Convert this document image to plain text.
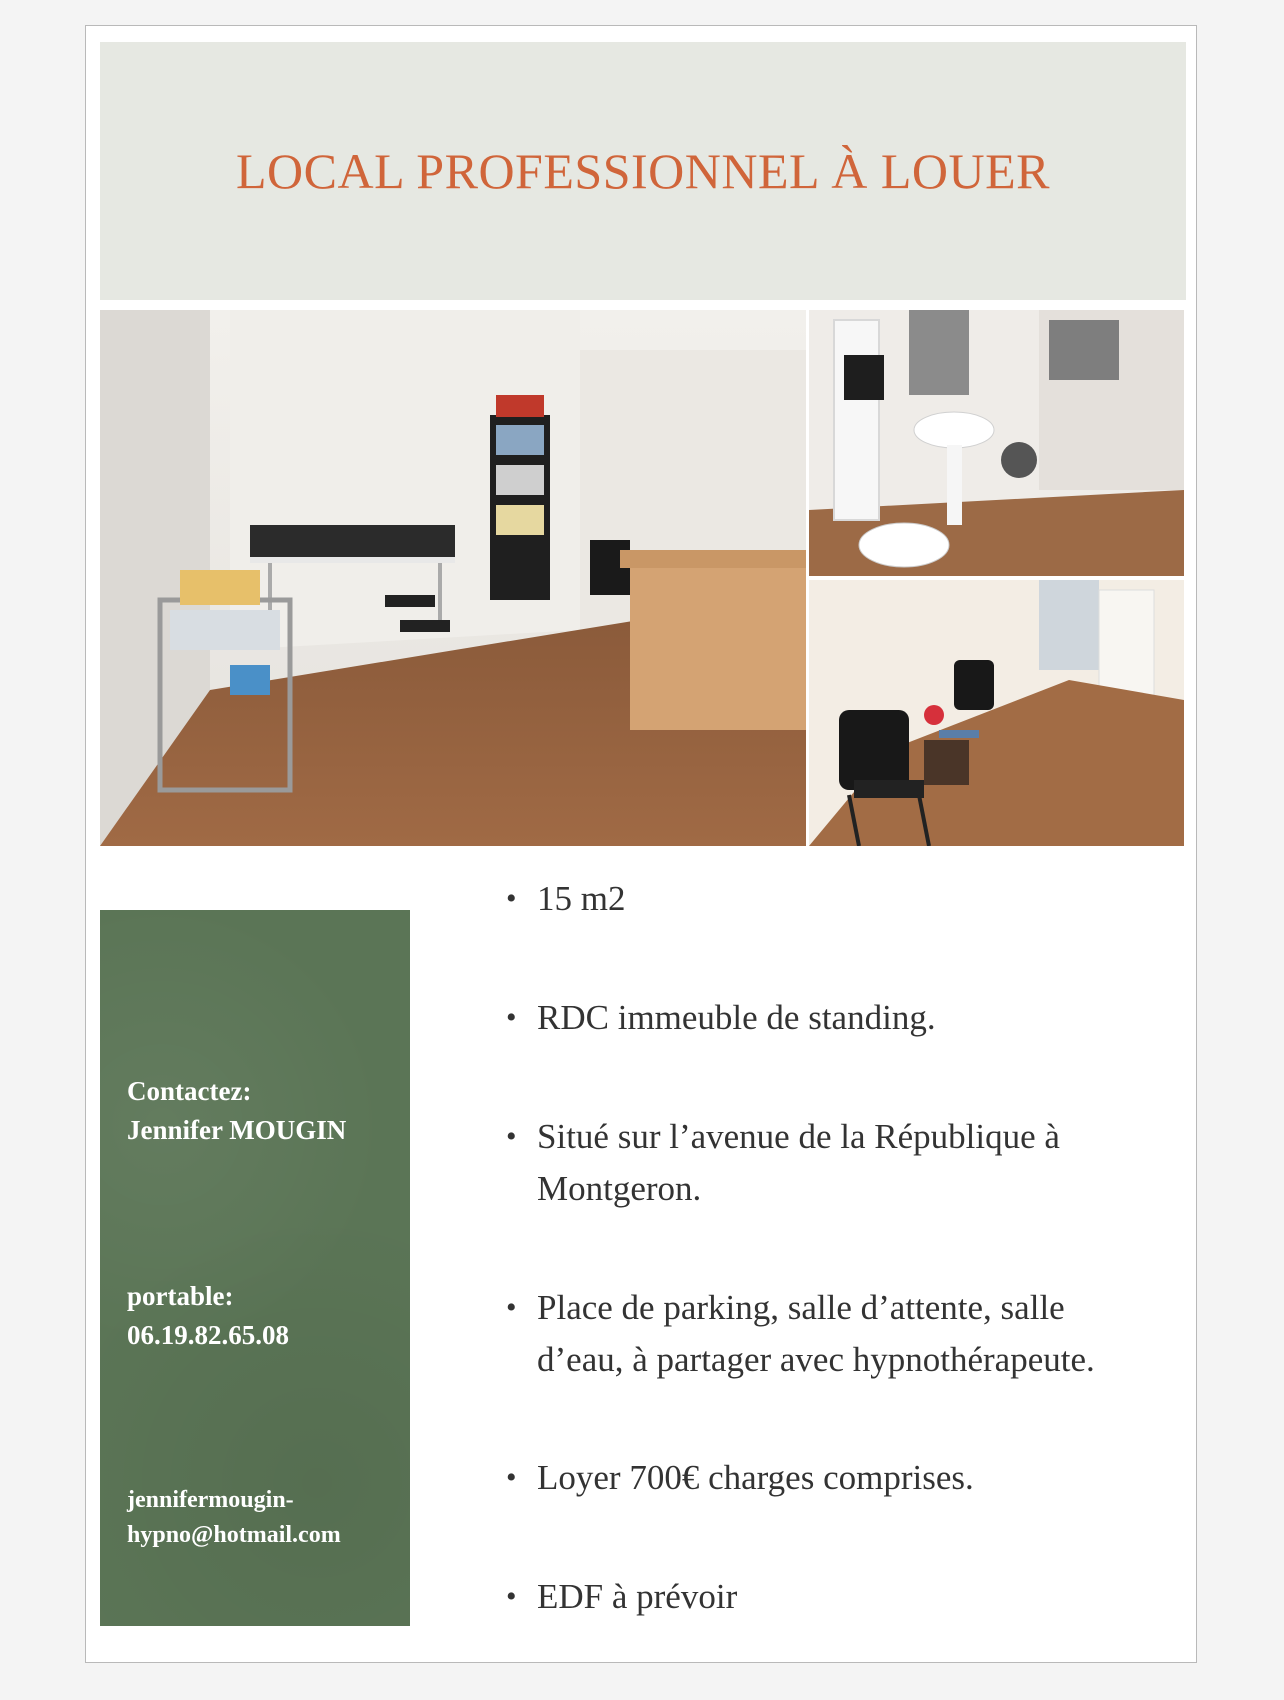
LOCAL PROFESSIONNEL À LOUER

Contactez:

Jennifer MOUGIN

portable:

06.19.82.65.08

jennifermougin-

hypno@hotmail.com

• 15 m2
• RDC immeuble de standing.
• Situé sur l’avenue de la République à
Montgeron.
• Place de parking, salle d’attente, salle
d’eau, à partager avec hypnothérapeute.
• Loyer 700€ charges comprises.
• EDF à prévoir
